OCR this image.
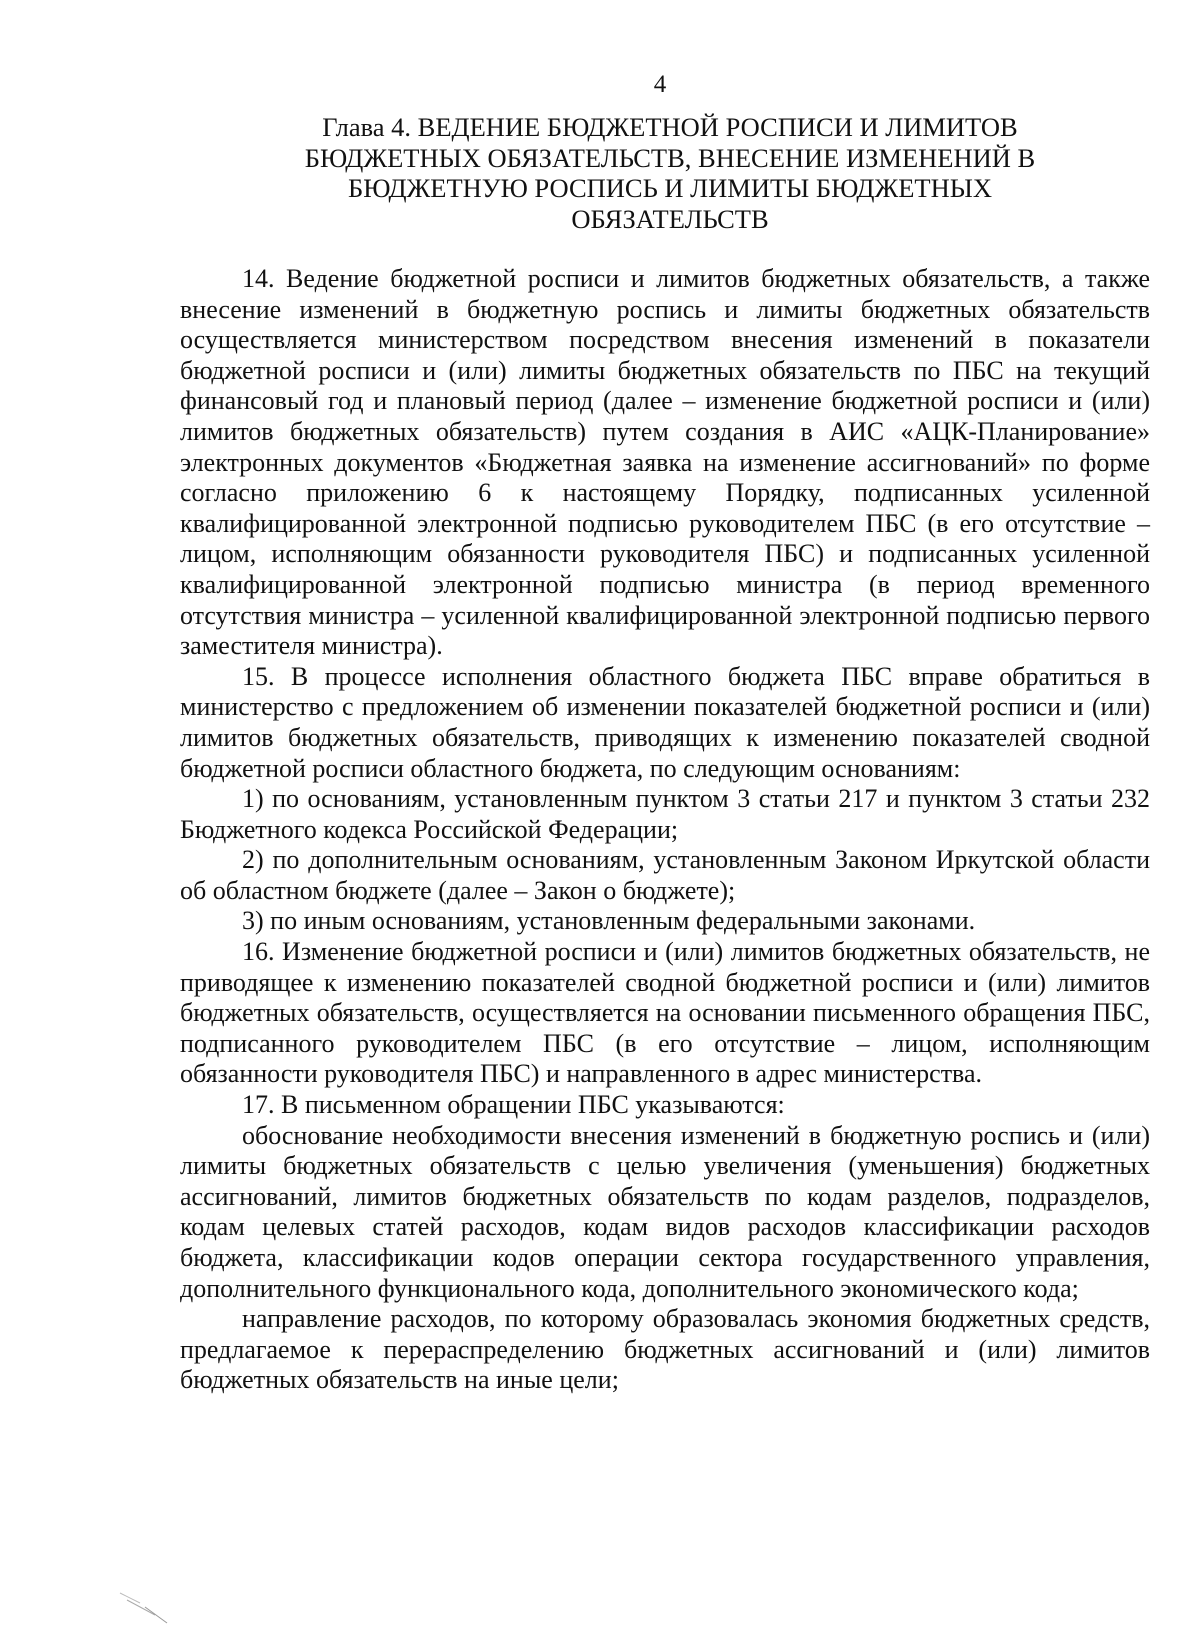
4
Глава 4. ВЕДЕНИЕ БЮДЖЕТНОЙ РОСПИСИ И ЛИМИТОВ БЮДЖЕТНЫХ ОБЯЗАТЕЛЬСТВ, ВНЕСЕНИЕ ИЗМЕНЕНИЙ В БЮДЖЕТНУЮ РОСПИСЬ И ЛИМИТЫ БЮДЖЕТНЫХ ОБЯЗАТЕЛЬСТВ

14. Ведение бюджетной росписи и лимитов бюджетных обязательств, а также внесение изменений в бюджетную роспись и лимиты бюджетных обязательств осуществляется министерством посредством внесения изменений в показатели бюджетной росписи и (или) лимиты бюджетных обязательств по ПБС на текущий финансовый год и плановый период (далее – изменение бюджетной росписи и (или) лимитов бюджетных обязательств) путем создания в АИС «АЦК-Планирование» электронных документов «Бюджетная заявка на изменение ассигнований» по форме согласно приложению 6 к настоящему Порядку, подписанных усиленной квалифицированной электронной подписью руководителем ПБС (в его отсутствие – лицом, исполняющим обязанности руководителя ПБС) и подписанных усиленной квалифицированной электронной подписью министра (в период временного отсутствия министра – усиленной квалифицированной электронной подписью первого заместителя министра).

15. В процессе исполнения областного бюджета ПБС вправе обратиться в министерство с предложением об изменении показателей бюджетной росписи и (или) лимитов бюджетных обязательств, приводящих к изменению показателей сводной бюджетной росписи областного бюджета, по следующим основаниям:

1) по основаниям, установленным пунктом 3 статьи 217 и пунктом 3 статьи 232 Бюджетного кодекса Российской Федерации;

2) по дополнительным основаниям, установленным Законом Иркутской области об областном бюджете (далее – Закон о бюджете);

3) по иным основаниям, установленным федеральными законами.

16. Изменение бюджетной росписи и (или) лимитов бюджетных обязательств, не приводящее к изменению показателей сводной бюджетной росписи и (или) лимитов бюджетных обязательств, осуществляется на основании письменного обращения ПБС, подписанного руководителем ПБС (в его отсутствие – лицом, исполняющим обязанности руководителя ПБС) и направленного в адрес министерства.

17. В письменном обращении ПБС указываются:

обоснование необходимости внесения изменений в бюджетную роспись и (или) лимиты бюджетных обязательств с целью увеличения (уменьшения) бюджетных ассигнований, лимитов бюджетных обязательств по кодам разделов, подразделов, кодам целевых статей расходов, кодам видов расходов классификации расходов бюджета, классификации кодов операции сектора государственного управления, дополнительного функционального кода, дополнительного экономического кода;

направление расходов, по которому образовалась экономия бюджетных средств, предлагаемое к перераспределению бюджетных ассигнований и (или) лимитов бюджетных обязательств на иные цели;
